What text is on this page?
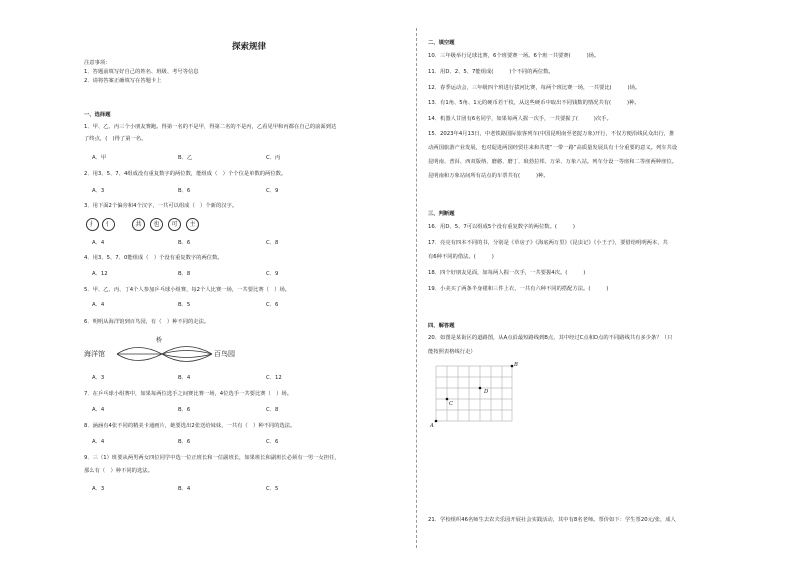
探索规律
注意事项：
1．答题前填写好自己的姓名、班级、考号等信息
2．请将答案正确填写在答题卡上
一、选择题
1．甲、乙、丙三个小朋友赛跑。得第一名的不是甲，得第二名的不是丙，乙看见甲和丙都在自己的前面到达
了终点，(　)得了第一名。
A．甲	B．乙	C．丙
2．用3、5、7、4组成没有重复数字的两位数，能组成（　）个个位是单数的两位数。
A．3	B．6	C．9
3．用下面2个偏旁和4个汉字，一共可以组成（　）个新的汉字。
扌	亻	共	也	可	主
A．4	B．6	C．8
4．用3、5、7、0能组成（　）个没有重复数字的两位数。
A．12	B．8	C．9
5．甲、乙、丙、丁4个人参加乒乓球小组赛，每2个人比赛一场，一共要比赛（　）场。
A．4	B．5	C．6
6．明明从海洋馆到百鸟园，有（　）种不同的走法。
海洋馆
桥
百鸟园
A．3	B．4	C．12
7．在乒乓球小组赛中，如果每两位选手之间赛比赛一场，4位选手一共要比赛（　）场。
A．4	B．6	C．8
8．涵涵有4张不同的精美卡通画片，她要选出2张送给妹妹，一共有（　）种不同的选法。
A．4	B．6	C．6
9．三（1）班要从两男两女四位同学中选一位正班长和一位副班长，如果班长和副班长必须有一男一女担任，
那么有（　）种不同的选法。
A．3	B．4	C．5
二、填空题
10．三年级举行足球比赛，6个班要赛一场。6个班一共要赛(　　　)场。
11．用D、2、5、7能组成(　　　)个不同的两位数。
12．春季运动会，三年级四个班进行拔河比赛，每两个班比赛一场，一共要比(　　　)场。
13．有1角、5角、1元的硬币若干枚，从这些硬币中取出不同钱数的情况共有(　　　)种。
14．机器人甘团有6名同学，如果每两人握一次手，一共要握了(　　　)次手。
15．2023年4月13日，中老铁路国际旅客列车(中国昆明南至老挝万象)开行，不仅方便沿线民众出行，推
动两国旅游产业发展，也对促进两国经贸往来和共建“一带一路”高质量发展具有十分重要的意义。列车共设
昆明南、普洱、西双版纳、磨憨、磨丁、琅勃拉邦、万荣、万象八站。列车分设一等座和二等座两种座位。
昆明南和万象站间所有站点的车票共有(　　　)种。
三、判断题
16．用D、5、7可以组成5个没有重复数字的两位数。(　　　)
17．亮亮有四本不同的书，分别是《草房子》《海底两万里》《昆虫记》《小王子》，要借给明明两本，共
有6种不同的借法。(　　　)
18．四个好朋友见面，如每两人握一次手，一共要握4次。(　　　)
19．小美买了两条半身裙和三件上衣，一共有六种不同的搭配方法。(　　　)
四、解答题
20．如图是某街区的道路图，从A点沿最短路线到B点，其中经过C点和D点的不同路线共有多少条？（只
能按照表格线行走）
A
B
C
D
21．学校组织46名师生去农夫乐园开展社会实践活动，其中有8名老师。票价如下：学生票20元/张，成人
